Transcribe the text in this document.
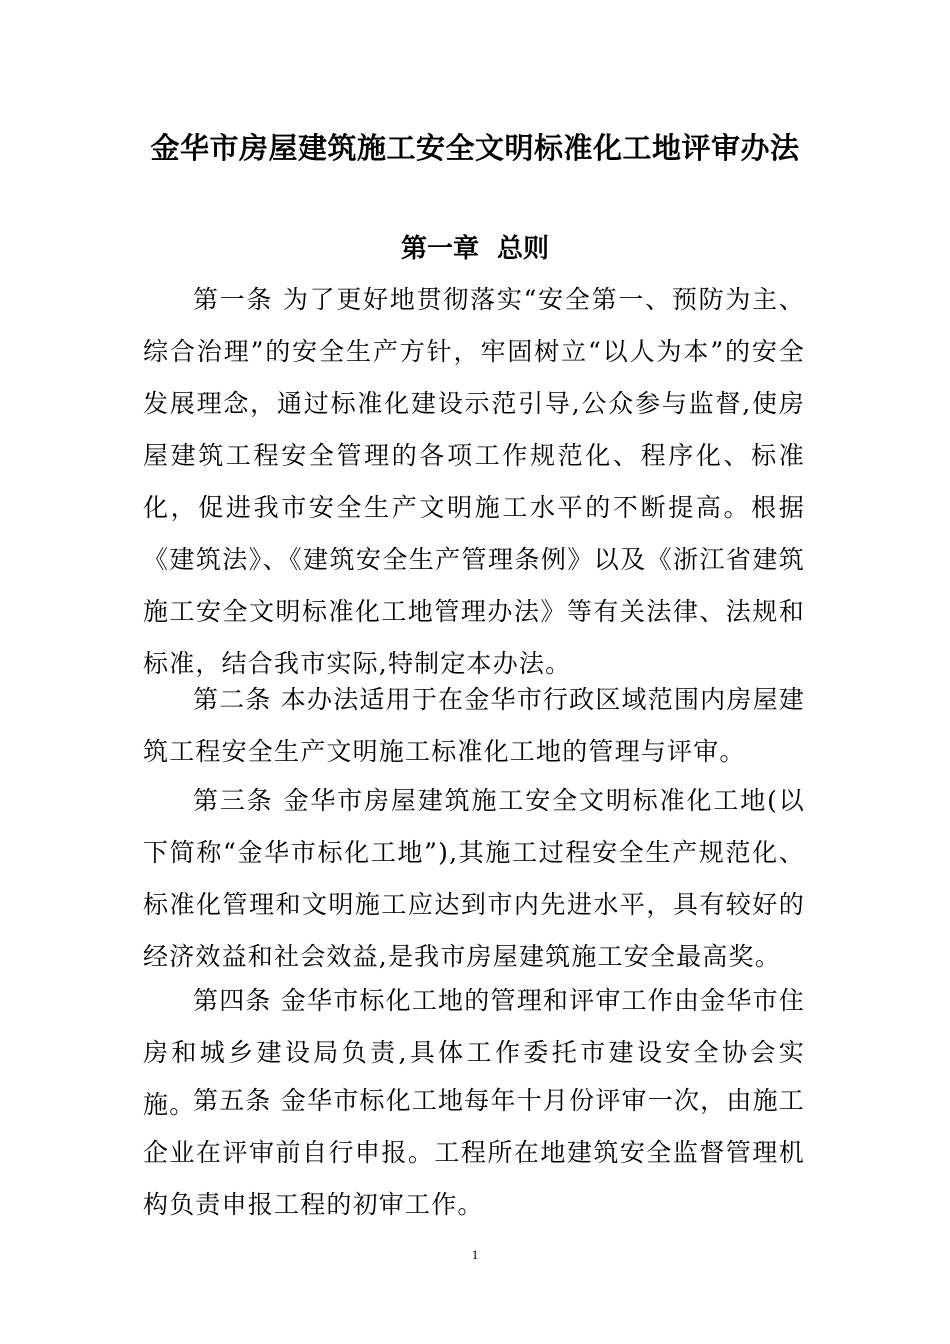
金华市房屋建筑施工安全文明标准化工地评审办法
第一章  总则

第一条 为了更好地贯彻落实“安全第一、预防为主、综合治理”的安全生产方针，牢固树立“以人为本”的安全发展理念，通过标准化建设示范引导,公众参与监督,使房屋建筑工程安全管理的各项工作规范化、程序化、标准化，促进我市安全生产文明施工水平的不断提高。根据《建筑法》、《建筑安全生产管理条例》以及《浙江省建筑施工安全文明标准化工地管理办法》等有关法律、法规和标准，结合我市实际,特制定本办法。

第二条 本办法适用于在金华市行政区域范围内房屋建筑工程安全生产文明施工标准化工地的管理与评审。

第三条 金华市房屋建筑施工安全文明标准化工地(以下简称“金华市标化工地”),其施工过程安全生产规范化、标准化管理和文明施工应达到市内先进水平，具有较好的经济效益和社会效益,是我市房屋建筑施工安全最高奖。

第四条 金华市标化工地的管理和评审工作由金华市住房和城乡建设局负责,具体工作委托市建设安全协会实施。

第五条 金华市标化工地每年十月份评审一次，由施工企业在评审前自行申报。工程所在地建筑安全监督管理机构负责申报工程的初审工作。

1
